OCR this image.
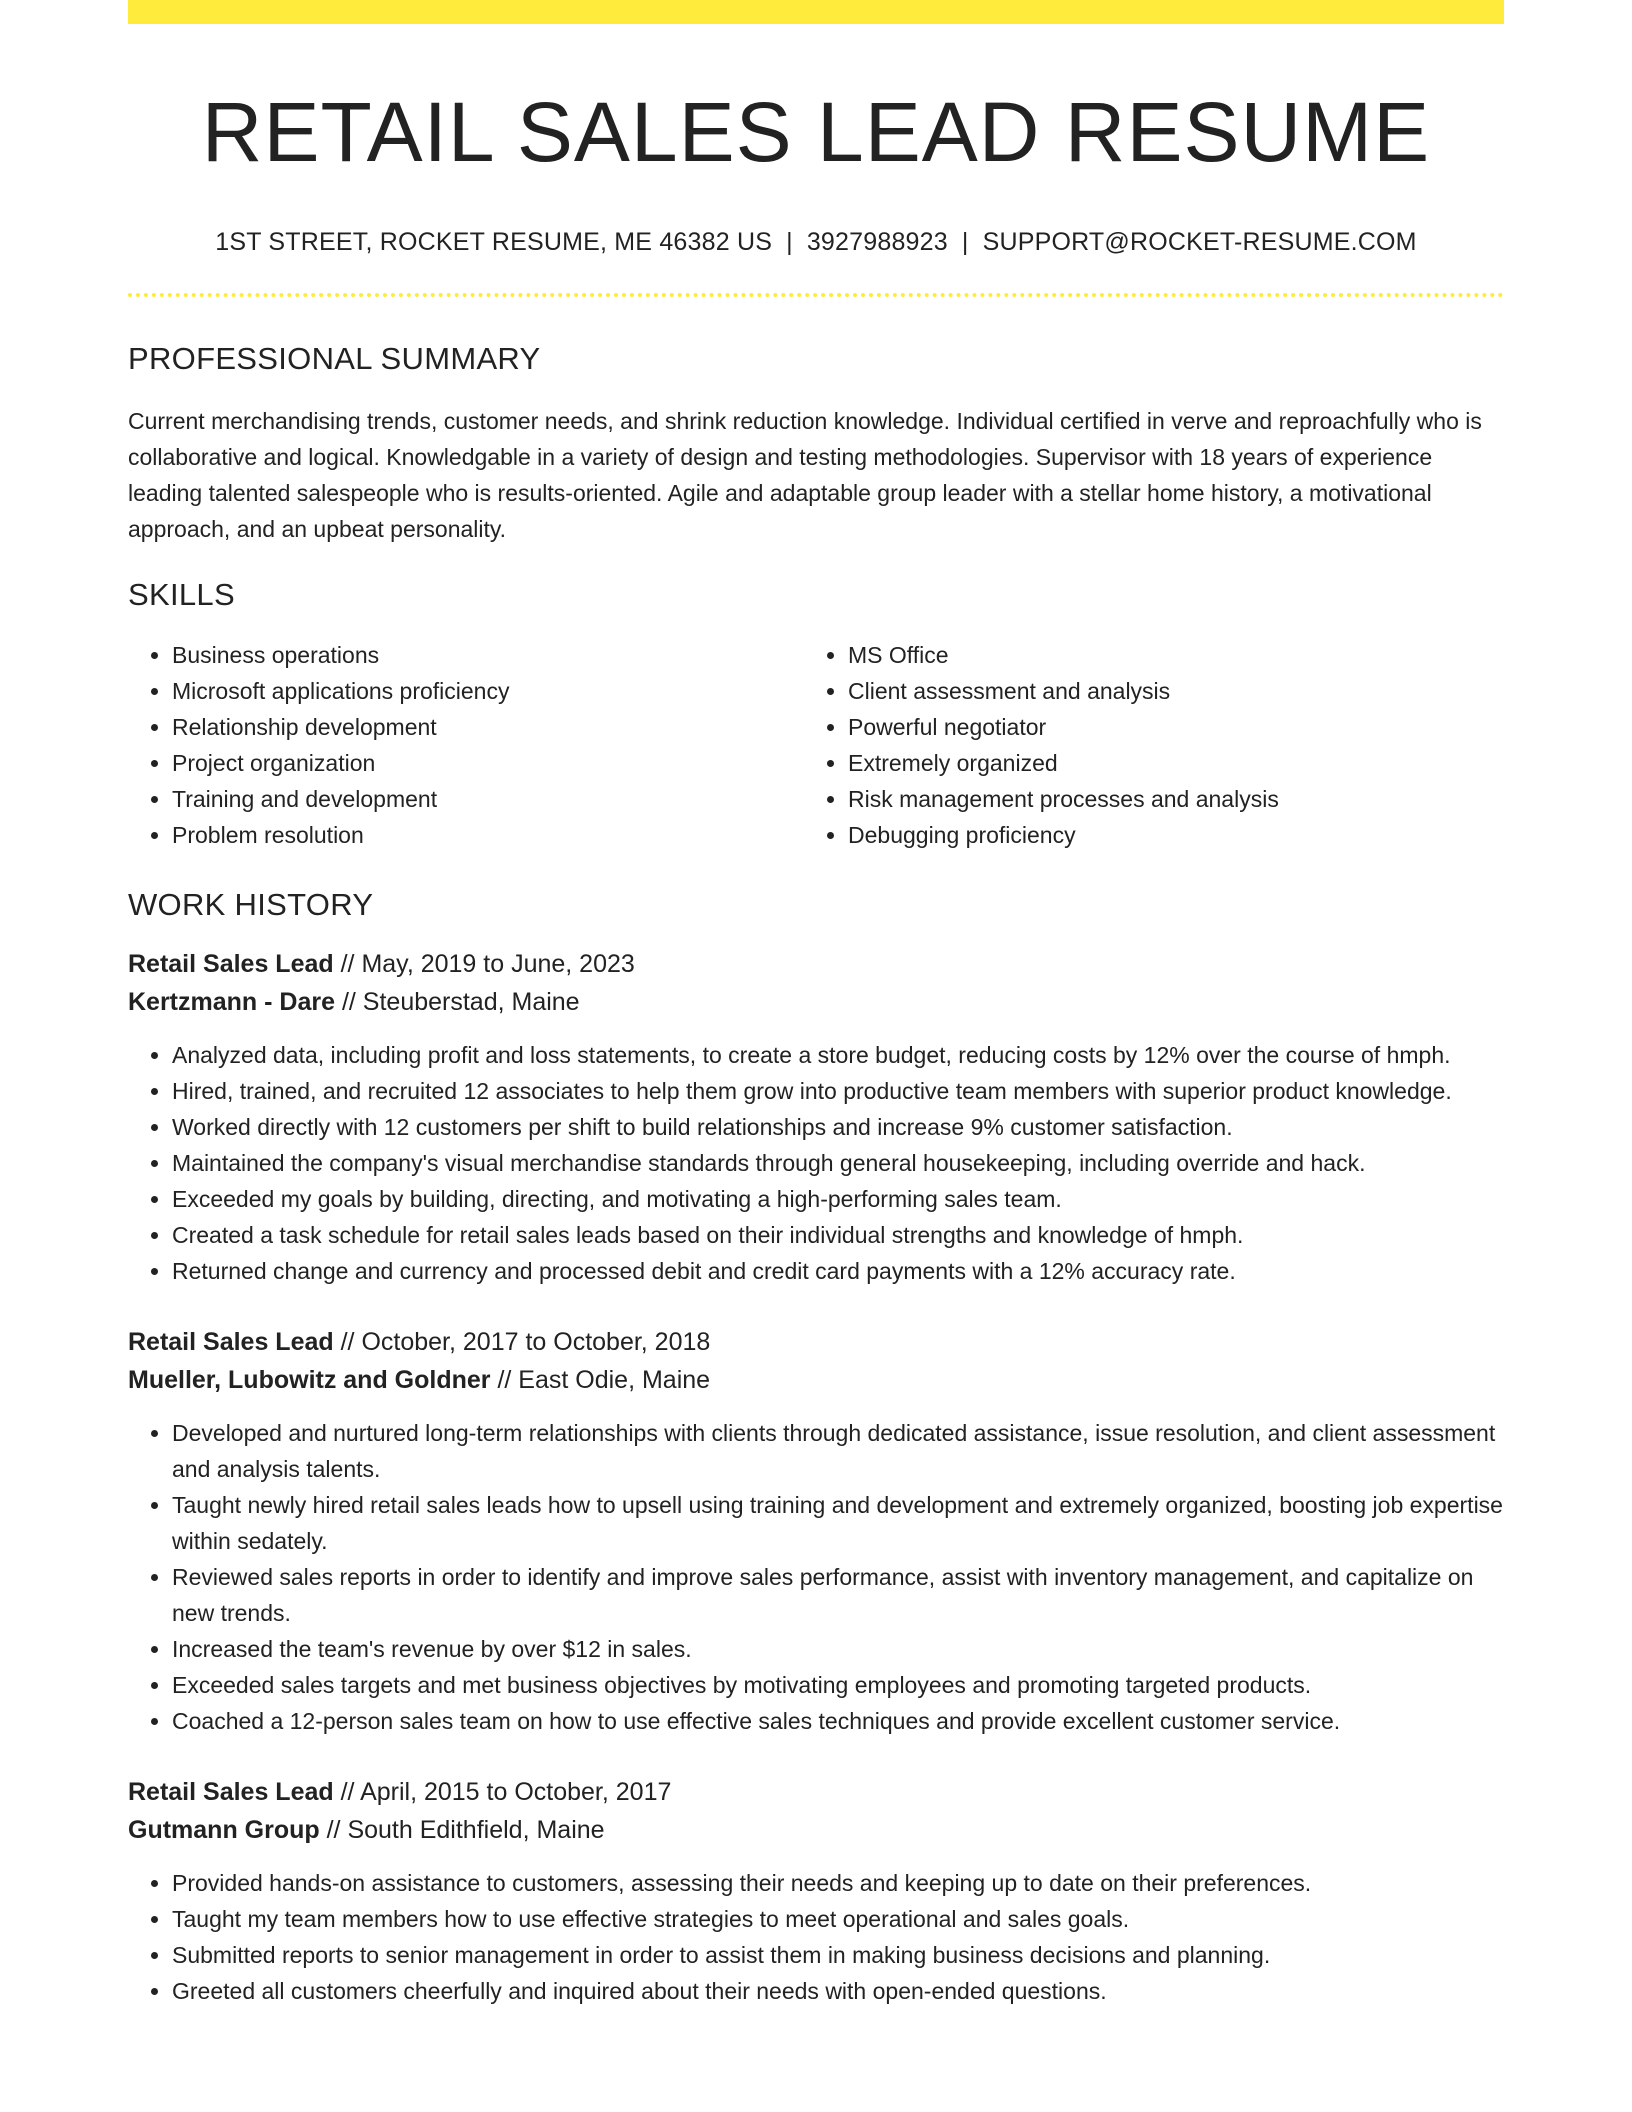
RETAIL SALES LEAD RESUME
1ST STREET, ROCKET RESUME, ME 46382 US | 3927988923 | SUPPORT@ROCKET-RESUME.COM
PROFESSIONAL SUMMARY

Current merchandising trends, customer needs, and shrink reduction knowledge. Individual certified in verve and reproachfully who is collaborative and logical. Knowledgable in a variety of design and testing methodologies. Supervisor with 18 years of experience leading talented salespeople who is results-oriented. Agile and adaptable group leader with a stellar home history, a motivational approach, and an upbeat personality.

SKILLS
• Business operations
• Microsoft applications proficiency
• Relationship development
• Project organization
• Training and development
• Problem resolution
• MS Office
• Client assessment and analysis
• Powerful negotiator
• Extremely organized
• Risk management processes and analysis
• Debugging proficiency
WORK HISTORY
Retail Sales Lead // May, 2019 to June, 2023
Kertzmann - Dare // Steuberstad, Maine
• Analyzed data, including profit and loss statements, to create a store budget, reducing costs by 12% over the course of hmph.
• Hired, trained, and recruited 12 associates to help them grow into productive team members with superior product knowledge.
• Worked directly with 12 customers per shift to build relationships and increase 9% customer satisfaction.
• Maintained the company's visual merchandise standards through general housekeeping, including override and hack.
• Exceeded my goals by building, directing, and motivating a high-performing sales team.
• Created a task schedule for retail sales leads based on their individual strengths and knowledge of hmph.
• Returned change and currency and processed debit and credit card payments with a 12% accuracy rate.
Retail Sales Lead // October, 2017 to October, 2018
Mueller, Lubowitz and Goldner // East Odie, Maine
• Developed and nurtured long-term relationships with clients through dedicated assistance, issue resolution, and client assessment and analysis talents.
• Taught newly hired retail sales leads how to upsell using training and development and extremely organized, boosting job expertise within sedately.
• Reviewed sales reports in order to identify and improve sales performance, assist with inventory management, and capitalize on new trends.
• Increased the team's revenue by over $12 in sales.
• Exceeded sales targets and met business objectives by motivating employees and promoting targeted products.
• Coached a 12-person sales team on how to use effective sales techniques and provide excellent customer service.
Retail Sales Lead // April, 2015 to October, 2017
Gutmann Group // South Edithfield, Maine
• Provided hands-on assistance to customers, assessing their needs and keeping up to date on their preferences.
• Taught my team members how to use effective strategies to meet operational and sales goals.
• Submitted reports to senior management in order to assist them in making business decisions and planning.
• Greeted all customers cheerfully and inquired about their needs with open-ended questions.
